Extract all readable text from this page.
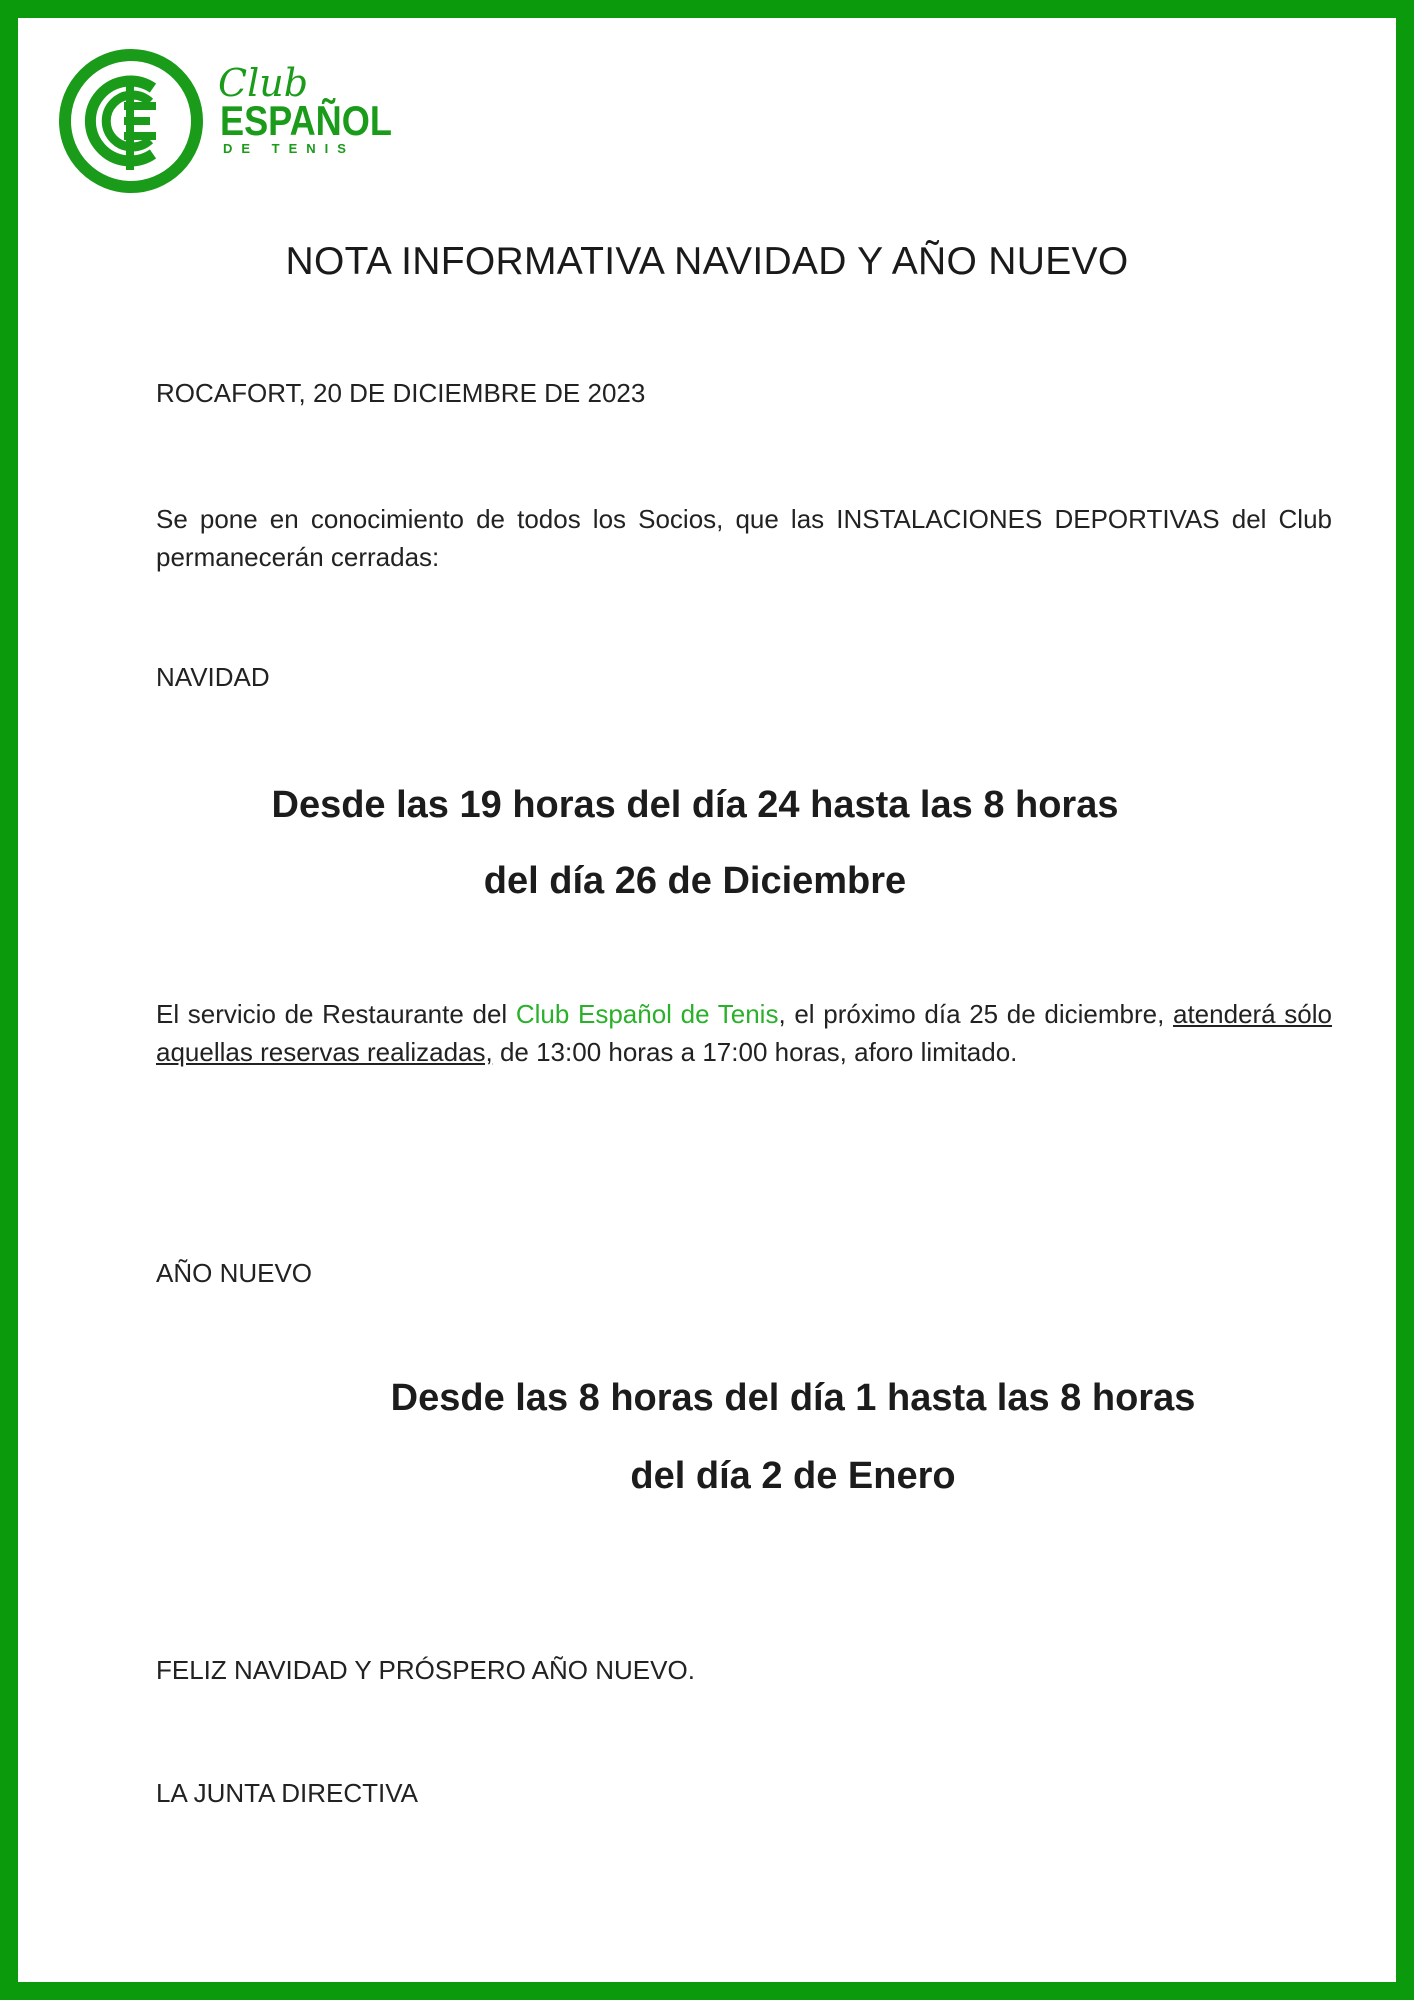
Club
ESPAÑOL
DE TENIS
NOTA INFORMATIVA NAVIDAD Y AÑO NUEVO
ROCAFORT, 20 DE DICIEMBRE DE 2023
Se pone en conocimiento de todos los Socios, que las INSTALACIONES DEPORTIVAS del Club permanecerán cerradas:
NAVIDAD
Desde las 19 horas del día 24 hasta las 8 horas
del día 26 de Diciembre
El servicio de Restaurante del Club Español de Tenis, el próximo día 25 de diciembre, atenderá sólo aquellas reservas realizadas, de 13:00 horas a 17:00 horas, aforo limitado.
AÑO NUEVO
Desde las 8 horas del día 1 hasta las 8 horas
del día 2 de Enero
FELIZ NAVIDAD Y PRÓSPERO AÑO NUEVO.
LA JUNTA DIRECTIVA
